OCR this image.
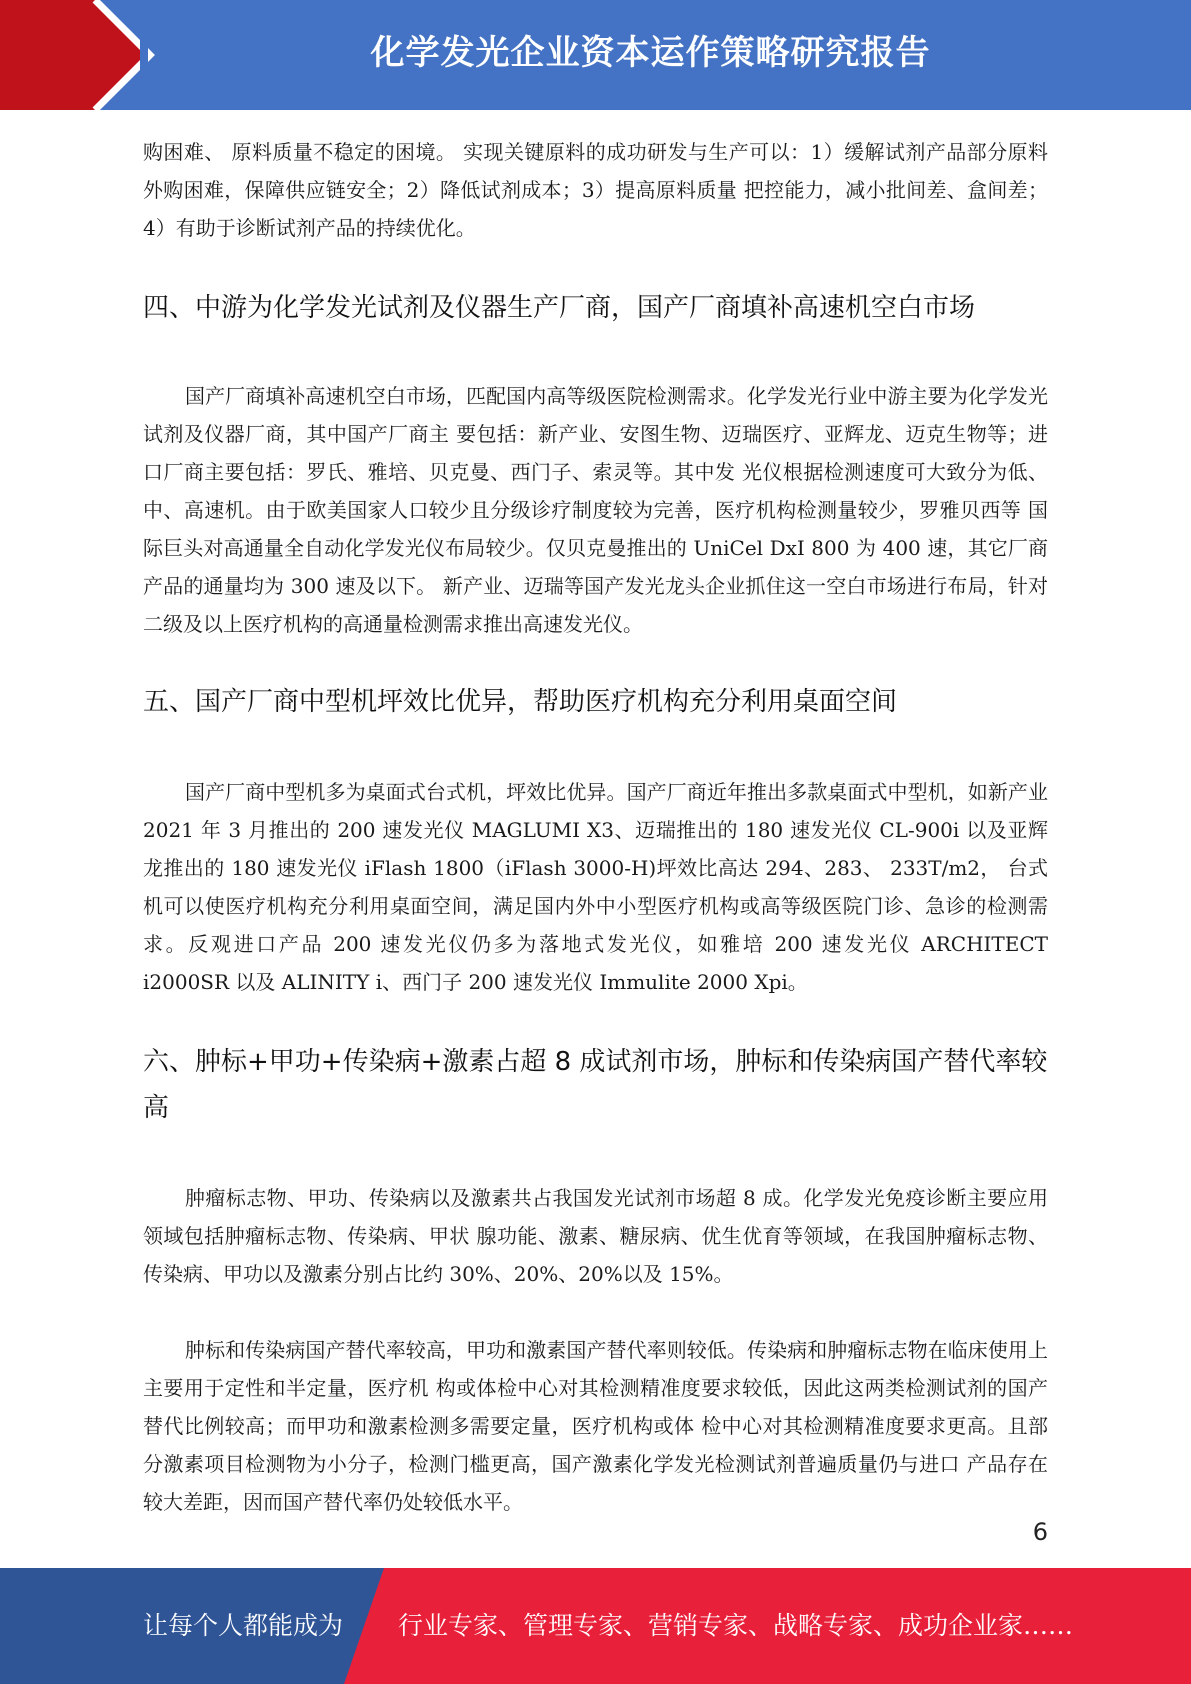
化学发光企业资本运作策略研究报告

购困难、 原料质量不稳定的困境。 实现关键原料的成功研发与生产可以：1）缓解试剂产品部分原料外购困难，保障供应链安全；2）降低试剂成本；3）提高原料质量 把控能力，减小批间差、盒间差；4）有助于诊断试剂产品的持续优化。

四、中游为化学发光试剂及仪器生产厂商，国产厂商填补高速机空白市场

国产厂商填补高速机空白市场，匹配国内高等级医院检测需求。化学发光行业中游主要为化学发光试剂及仪器厂商，其中国产厂商主 要包括：新产业、安图生物、迈瑞医疗、亚辉龙、迈克生物等；进口厂商主要包括：罗氏、雅培、贝克曼、西门子、索灵等。其中发 光仪根据检测速度可大致分为低、中、高速机。由于欧美国家人口较少且分级诊疗制度较为完善，医疗机构检测量较少，罗雅贝西等 国际巨头对高通量全自动化学发光仪布局较少。仅贝克曼推出的 UniCel DxI 800 为 400 速，其它厂商产品的通量均为 300 速及以下。 新产业、迈瑞等国产发光龙头企业抓住这一空白市场进行布局，针对二级及以上医疗机构的高通量检测需求推出高速发光仪。

五、国产厂商中型机坪效比优异，帮助医疗机构充分利用桌面空间

国产厂商中型机多为桌面式台式机，坪效比优异。国产厂商近年推出多款桌面式中型机，如新产业 2021 年 3 月推出的 200 速发光仪 MAGLUMI X3、迈瑞推出的 180 速发光仪 CL-900i 以及亚辉龙推出的 180 速发光仪 iFlash 1800（iFlash 3000-H)坪效比高达 294、283、 233T/m2， 台式机可以使医疗机构充分利用桌面空间，满足国内外中小型医疗机构或高等级医院门诊、急诊的检测需求。反观进口产品 200 速发光仪仍多为落地式发光仪，如雅培 200 速发光仪 ARCHITECT i2000SR 以及 ALINITY i、西门子 200 速发光仪 Immulite 2000 Xpi。

六、肿标+甲功+传染病+激素占超 8 成试剂市场，肿标和传染病国产替代率较高

肿瘤标志物、甲功、传染病以及激素共占我国发光试剂市场超 8 成。化学发光免疫诊断主要应用领域包括肿瘤标志物、传染病、甲状 腺功能、激素、糖尿病、优生优育等领域，在我国肿瘤标志物、传染病、甲功以及激素分别占比约 30%、20%、20%以及 15%。

肿标和传染病国产替代率较高，甲功和激素国产替代率则较低。传染病和肿瘤标志物在临床使用上主要用于定性和半定量，医疗机 构或体检中心对其检测精准度要求较低，因此这两类检测试剂的国产替代比例较高；而甲功和激素检测多需要定量，医疗机构或体 检中心对其检测精准度要求更高。且部分激素项目检测物为小分子，检测门槛更高，国产激素化学发光检测试剂普遍质量仍与进口 产品存在较大差距，因而国产替代率仍处较低水平。

6
让每个人都能成为 行业专家、管理专家、营销专家、战略专家、成功企业家……
